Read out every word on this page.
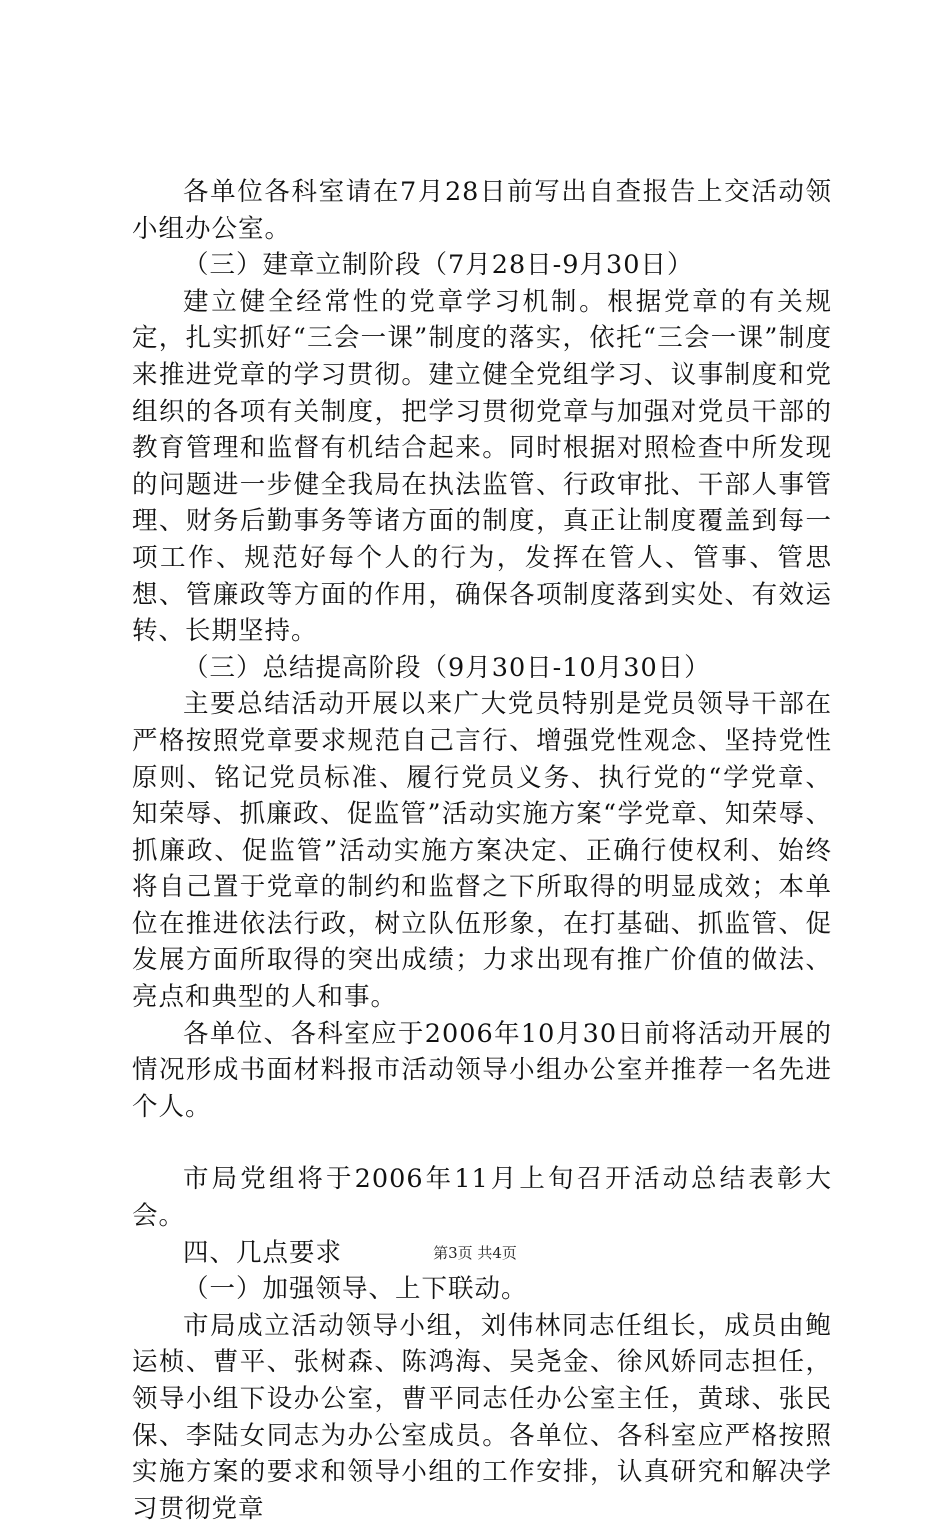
各单位各科室请在7月28日前写出自查报告上交活动领小组办公室。

（三）建章立制阶段（7月28日-9月30日）

建立健全经常性的党章学习机制。根据党章的有关规定，扎实抓好“三会一课”制度的落实，依托“三会一课”制度来推进党章的学习贯彻。建立健全党组学习、议事制度和党组织的各项有关制度，把学习贯彻党章与加强对党员干部的教育管理和监督有机结合起来。同时根据对照检查中所发现的问题进一步健全我局在执法监管、行政审批、干部人事管理、财务后勤事务等诸方面的制度，真正让制度覆盖到每一项工作、规范好每个人的行为，发挥在管人、管事、管思想、管廉政等方面的作用，确保各项制度落到实处、有效运转、长期坚持。

（三）总结提高阶段（9月30日-10月30日）

主要总结活动开展以来广大党员特别是党员领导干部在严格按照党章要求规范自己言行、增强党性观念、坚持党性原则、铭记党员标准、履行党员义务、执行党的“学党章、知荣辱、抓廉政、促监管”活动实施方案“学党章、知荣辱、抓廉政、促监管”活动实施方案决定、正确行使权利、始终将自己置于党章的制约和监督之下所取得的明显成效；本单位在推进依法行政，树立队伍形象，在打基础、抓监管、促发展方面所取得的突出成绩；力求出现有推广价值的做法、亮点和典型的人和事。

各单位、各科室应于2006年10月30日前将活动开展的情况形成书面材料报市活动领导小组办公室并推荐一名先进个人。

市局党组将于2006年11月上旬召开活动总结表彰大会。

四、几点要求

（一）加强领导、上下联动。

市局成立活动领导小组，刘伟林同志任组长，成员由鲍运桢、曹平、张树森、陈鸿海、吴尧金、徐风娇同志担任，领导小组下设办公室，曹平同志任办公室主任，黄球、张民保、李陆女同志为办公室成员。各单位、各科室应严格按照实施方案的要求和领导小组的工作安排，认真研究和解决学习贯彻党章

第3页 共4页
